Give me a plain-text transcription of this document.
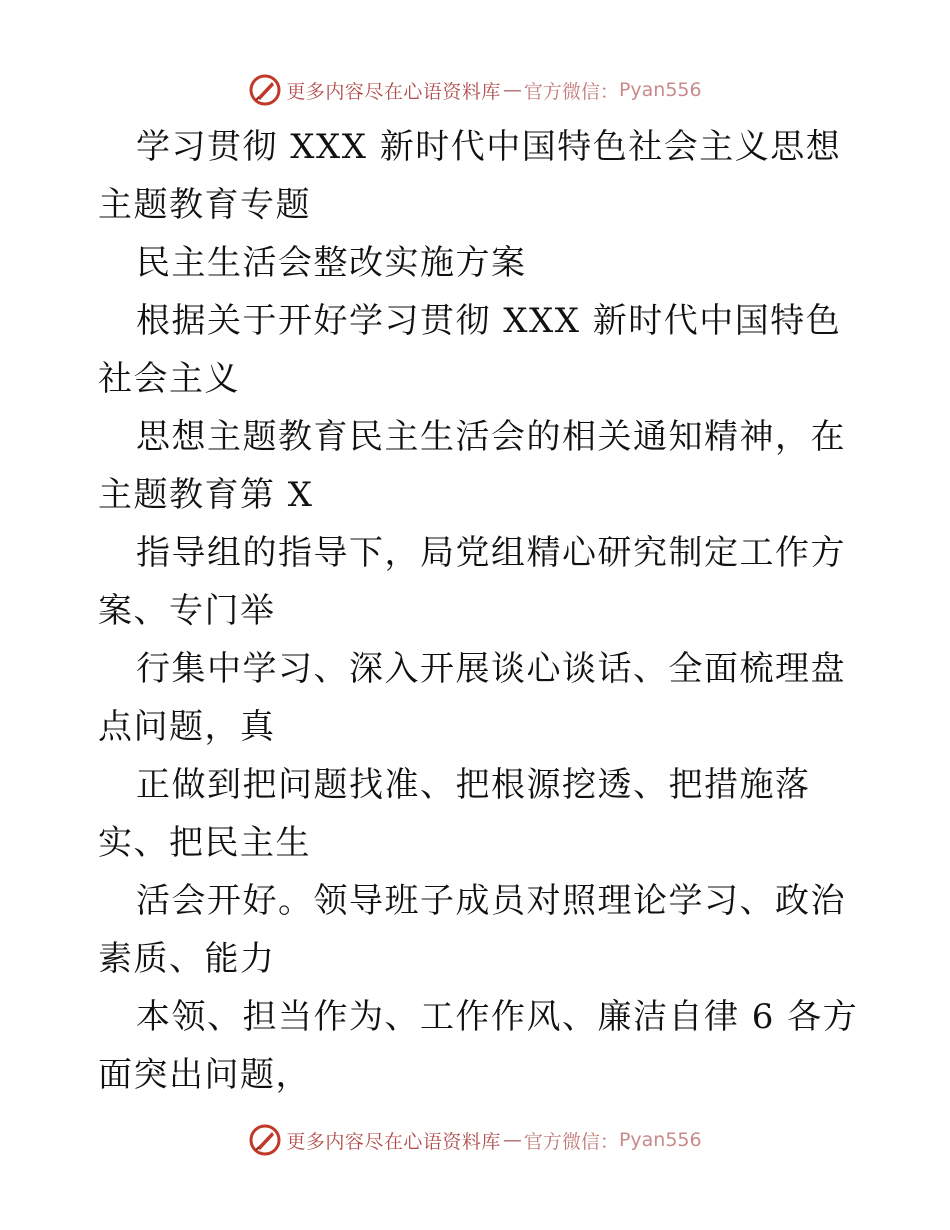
更多内容尽在心语资料库 — 官方微信： Pyan556

学习贯彻 XXX 新时代中国特色社会主义思想主题教育专题

民主生活会整改实施方案

根据关于开好学习贯彻 XXX 新时代中国特色社会主义

思想主题教育民主生活会的相关通知精神，在主题教育第 X

指导组的指导下，局党组精心研究制定工作方案、专门举

行集中学习、深入开展谈心谈话、全面梳理盘点问题，真

正做到把问题找准、把根源挖透、把措施落实、把民主生

活会开好。领导班子成员对照理论学习、政治素质、能力

本领、担当作为、工作作风、廉洁自律 6 各方面突出问题，

更多内容尽在心语资料库 — 官方微信： Pyan556
